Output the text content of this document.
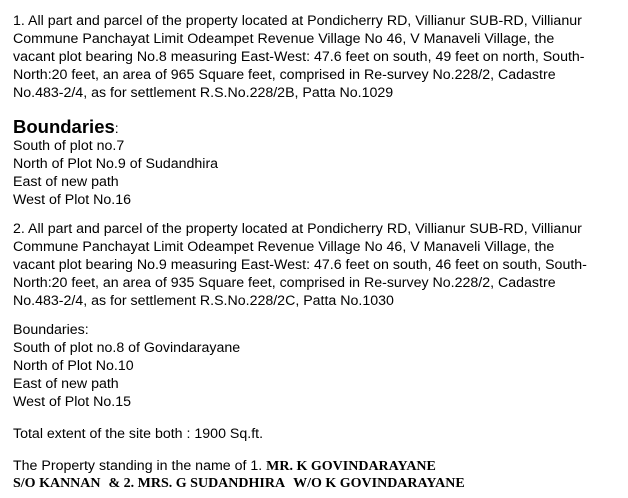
1. All part and parcel of the property located at Pondicherry RD, Villianur SUB-RD, Villianur
Commune Panchayat Limit Odeampet Revenue Village No 46, V Manaveli Village, the
vacant plot bearing No.8 measuring East-West: 47.6 feet on south, 49 feet on north, South-
North:20 feet, an area of 965 Square feet, comprised in Re-survey No.228/2, Cadastre
No.483-2/4, as for settlement R.S.No.228/2B, Patta No.1029
Boundaries:
South of plot no.7
North of Plot No.9 of Sudandhira
East of new path
West of Plot No.16
2. All part and parcel of the property located at Pondicherry RD, Villianur SUB-RD, Villianur
Commune Panchayat Limit Odeampet Revenue Village No 46, V Manaveli Village, the
vacant plot bearing No.9 measuring East-West: 47.6 feet on south, 46 feet on south, South-
North:20 feet, an area of 935 Square feet, comprised in Re-survey No.228/2, Cadastre
No.483-2/4, as for settlement R.S.No.228/2C, Patta No.1030
Boundaries:
South of plot no.8 of Govindarayane
North of Plot No.10
East of new path
West of Plot No.15
Total extent of the site both : 1900 Sq.ft.
The Property standing in the name of 1. MR. K GOVINDARAYANE
S/O KANNAN & 2. MRS. G SUDANDHIRA W/O K GOVINDARAYANE
